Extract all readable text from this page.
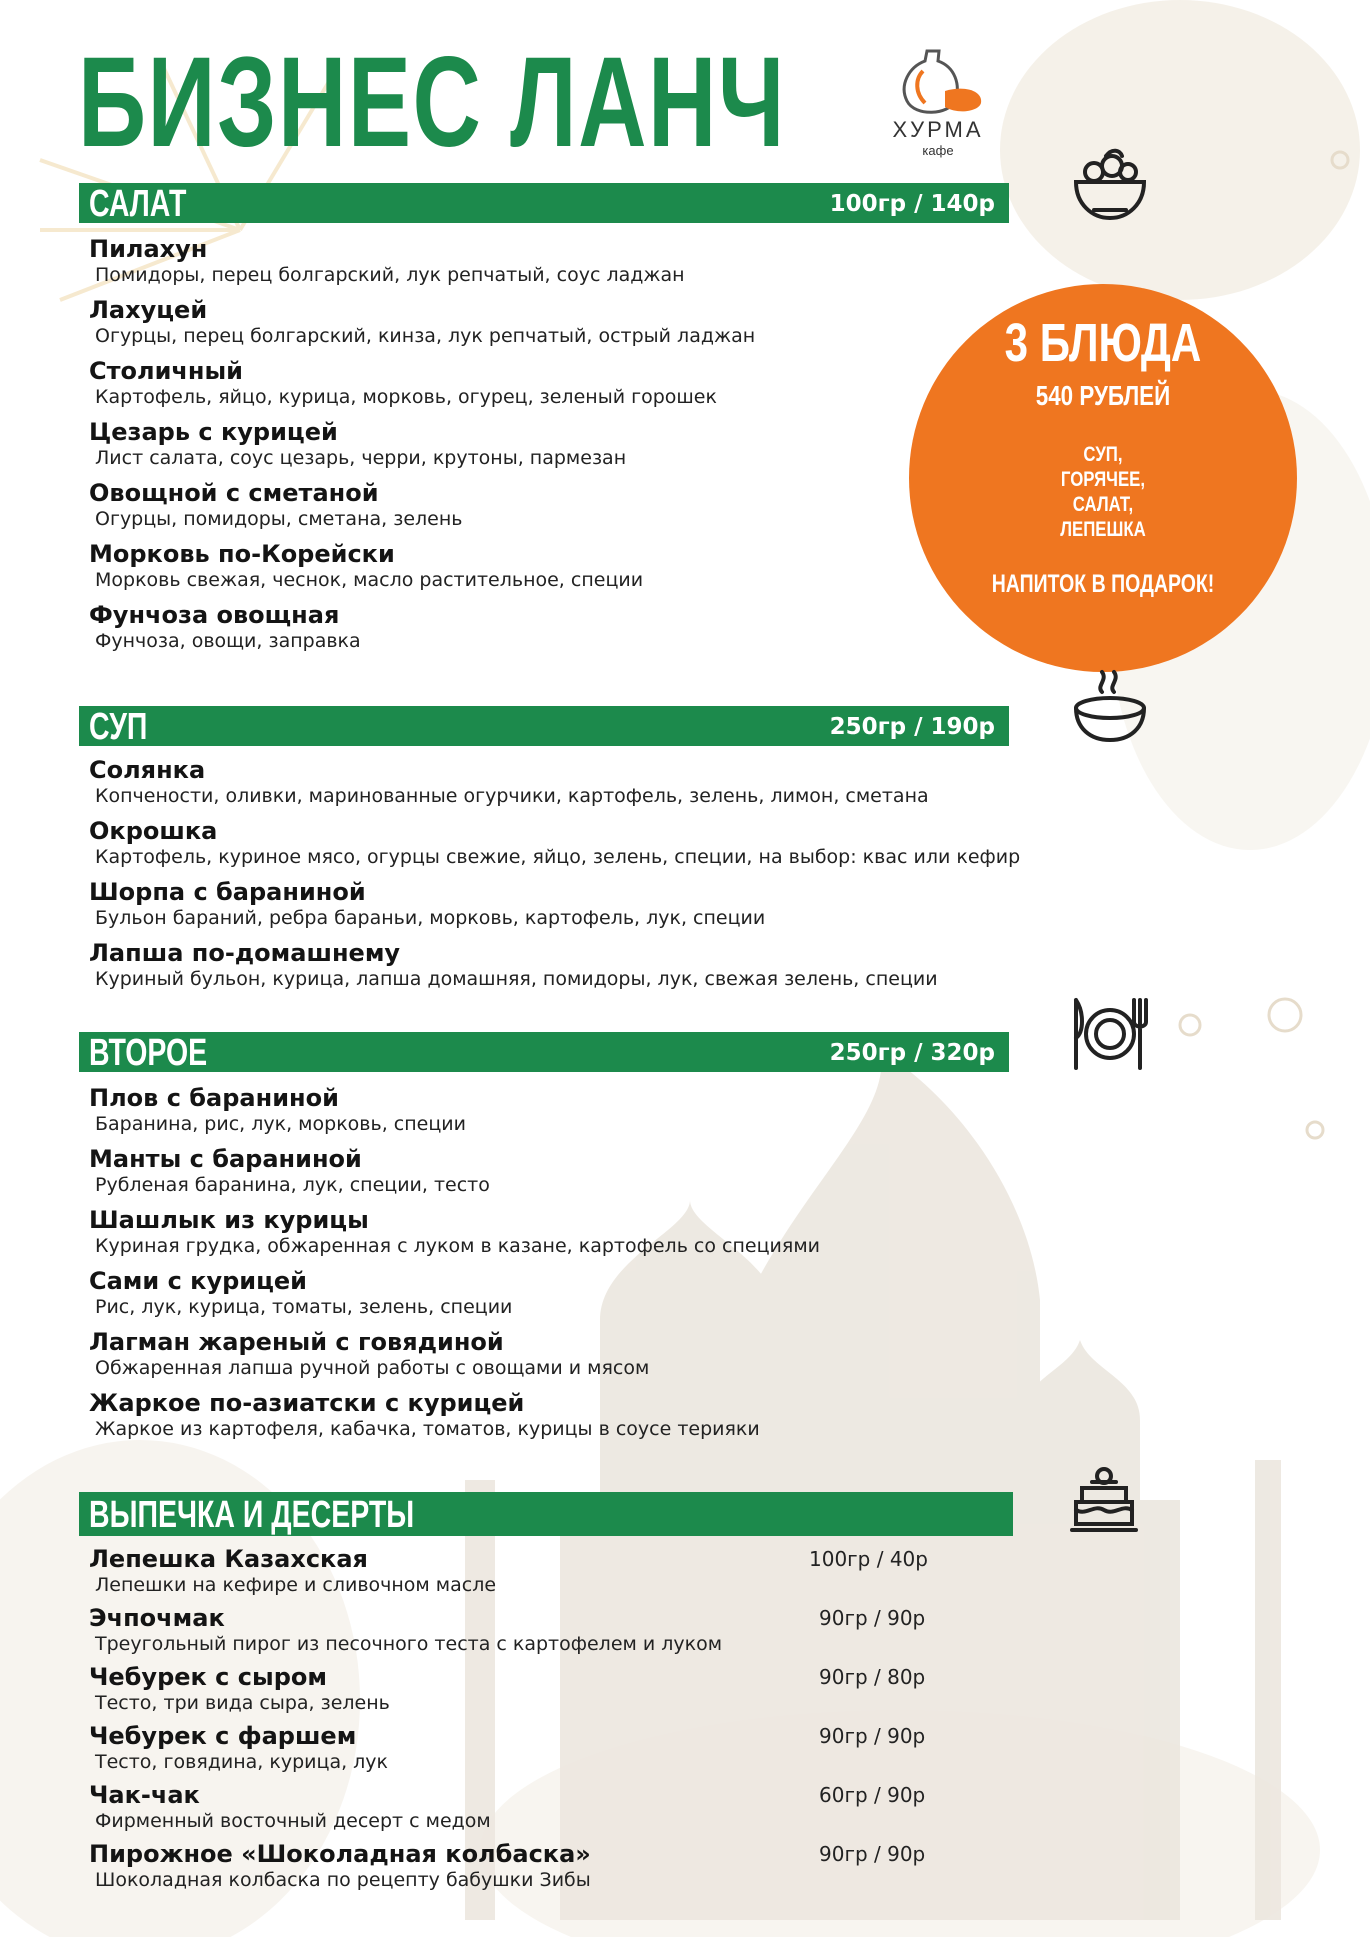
БИЗНЕС ЛАНЧ	ХУРМА
кафе
3 БЛЮДА
540 РУБЛЕЙ
СУП,
ГОРЯЧЕЕ,
САЛАТ,
ЛЕПЕШКА
НАПИТОК В ПОДАРОК!
САЛАТ	100гр / 140р
Пилахун
Помидоры, перец болгарский, лук репчатый, соус ладжан
Лахуцей
Огурцы, перец болгарский, кинза, лук репчатый, острый ладжан
Столичный
Картофель, яйцо, курица, морковь, огурец, зеленый горошек
Цезарь с курицей
Лист салата, соус цезарь, черри, крутоны, пармезан
Овощной с сметаной
Огурцы, помидоры, сметана, зелень
Морковь по-Корейски
Морковь свежая, чеснок, масло растительное, специи
Фунчоза овощная
Фунчоза, овощи, заправка
СУП	250гр / 190р
Солянка
Копчености, оливки, маринованные огурчики, картофель, зелень, лимон, сметана
Окрошка
Картофель, куриное мясо, огурцы свежие, яйцо, зелень, специи, на выбор: квас или кефир
Шорпа с бараниной
Бульон бараний, ребра бараньи, морковь, картофель, лук, специи
Лапша по-домашнему
Куриный бульон, курица, лапша домашняя, помидоры, лук, свежая зелень, специи
ВТОРОЕ	250гр / 320р
Плов с бараниной
Баранина, рис, лук, морковь, специи
Манты с бараниной
Рубленая баранина, лук, специи, тесто
Шашлык из курицы
Куриная грудка, обжаренная с луком в казане, картофель со специями
Сами с курицей
Рис, лук, курица, томаты, зелень, специи
Лагман жареный с говядиной
Обжаренная лапша ручной работы с овощами и мясом
Жаркое по-азиатски с курицей
Жаркое из картофеля, кабачка, томатов, курицы в соусе терияки
ВЫПЕЧКА И ДЕСЕРТЫ
Лепешка Казахская
Лепешки на кефире и сливочном масле
100гр / 40р
Эчпочмак
Треугольный пирог из песочного теста с картофелем и луком
90гр / 90р
Чебурек с сыром
Тесто, три вида сыра, зелень
90гр / 80р
Чебурек с фаршем
Тесто, говядина, курица, лук
90гр / 90р
Чак-чак
Фирменный восточный десерт с медом
60гр / 90р
Пирожное «Шоколадная колбаска»
Шоколадная колбаска по рецепту бабушки Зибы
90гр / 90р
